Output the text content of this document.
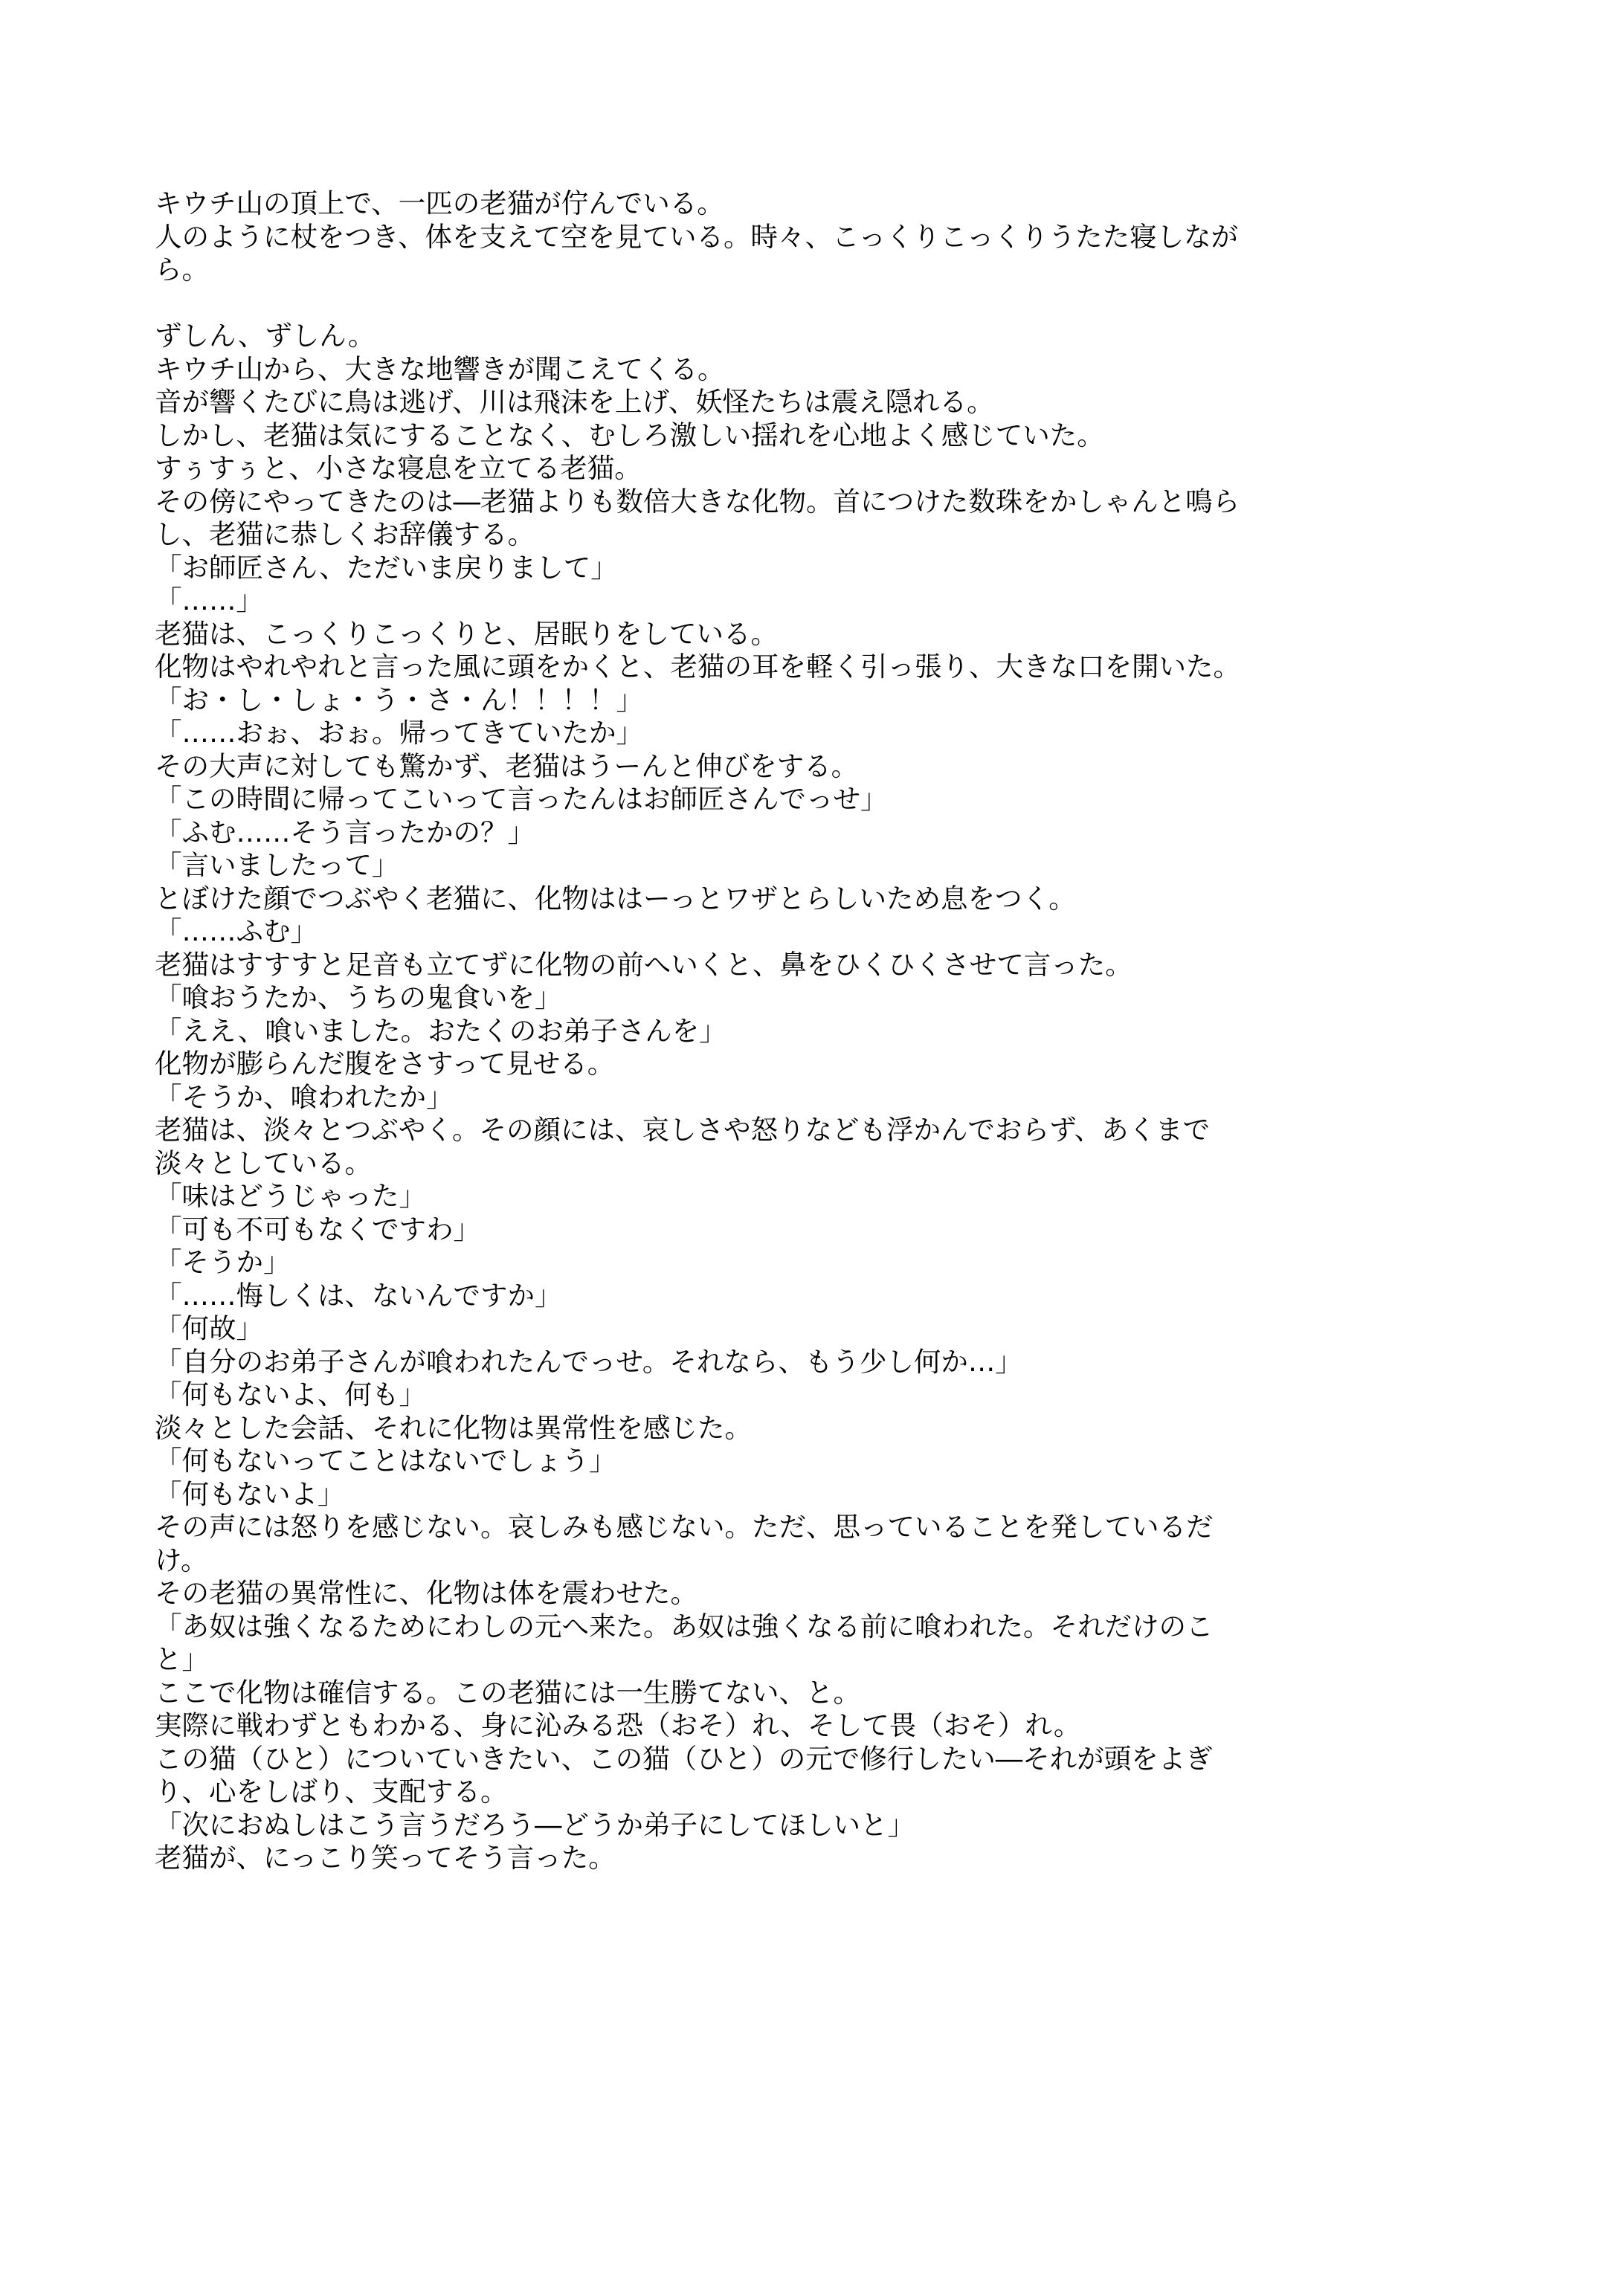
キウチ山の頂上で、一匹の老猫が佇んでいる。
人のように杖をつき、体を支えて空を見ている。時々、こっくりこっくりうたた寝しなが
ら。
ずしん、ずしん。
キウチ山から、大きな地響きが聞こえてくる。
音が響くたびに鳥は逃げ、川は飛沫を上げ、妖怪たちは震え隠れる。
しかし、老猫は気にすることなく、むしろ激しい揺れを心地よく感じていた。
すぅすぅと、小さな寝息を立てる老猫。
その傍にやってきたのは―老猫よりも数倍大きな化物。首につけた数珠をかしゃんと鳴ら
し、老猫に恭しくお辞儀する。
「お師匠さん、ただいま戻りまして」
「……」
老猫は、こっくりこっくりと、居眠りをしている。
化物はやれやれと言った風に頭をかくと、老猫の耳を軽く引っ張り、大きな口を開いた。
「お・し・しょ・う・さ・ん！！！！」
「……おぉ、おぉ。帰ってきていたか」
その大声に対しても驚かず、老猫はうーんと伸びをする。
「この時間に帰ってこいって言ったんはお師匠さんでっせ」
「ふむ……そう言ったかの？」
「言いましたって」
とぼけた顔でつぶやく老猫に、化物ははーっとワザとらしいため息をつく。
「……ふむ」
老猫はすすすと足音も立てずに化物の前へいくと、鼻をひくひくさせて言った。
「喰おうたか、うちの鬼食いを」
「ええ、喰いました。おたくのお弟子さんを」
化物が膨らんだ腹をさすって見せる。
「そうか、喰われたか」
老猫は、淡々とつぶやく。その顔には、哀しさや怒りなども浮かんでおらず、あくまで
淡々としている。
「味はどうじゃった」
「可も不可もなくですわ」
「そうか」
「……悔しくは、ないんですか」
「何故」
「自分のお弟子さんが喰われたんでっせ。それなら、もう少し何か…」
「何もないよ、何も」
淡々とした会話、それに化物は異常性を感じた。
「何もないってことはないでしょう」
「何もないよ」
その声には怒りを感じない。哀しみも感じない。ただ、思っていることを発しているだ
け。
その老猫の異常性に、化物は体を震わせた。
「あ奴は強くなるためにわしの元へ来た。あ奴は強くなる前に喰われた。それだけのこ
と」
ここで化物は確信する。この老猫には一生勝てない、と。
実際に戦わずともわかる、身に沁みる恐（おそ）れ、そして畏（おそ）れ。
この猫（ひと）についていきたい、この猫（ひと）の元で修行したい―それが頭をよぎ
り、心をしばり、支配する。
「次におぬしはこう言うだろう―どうか弟子にしてほしいと」
老猫が、にっこり笑ってそう言った。
